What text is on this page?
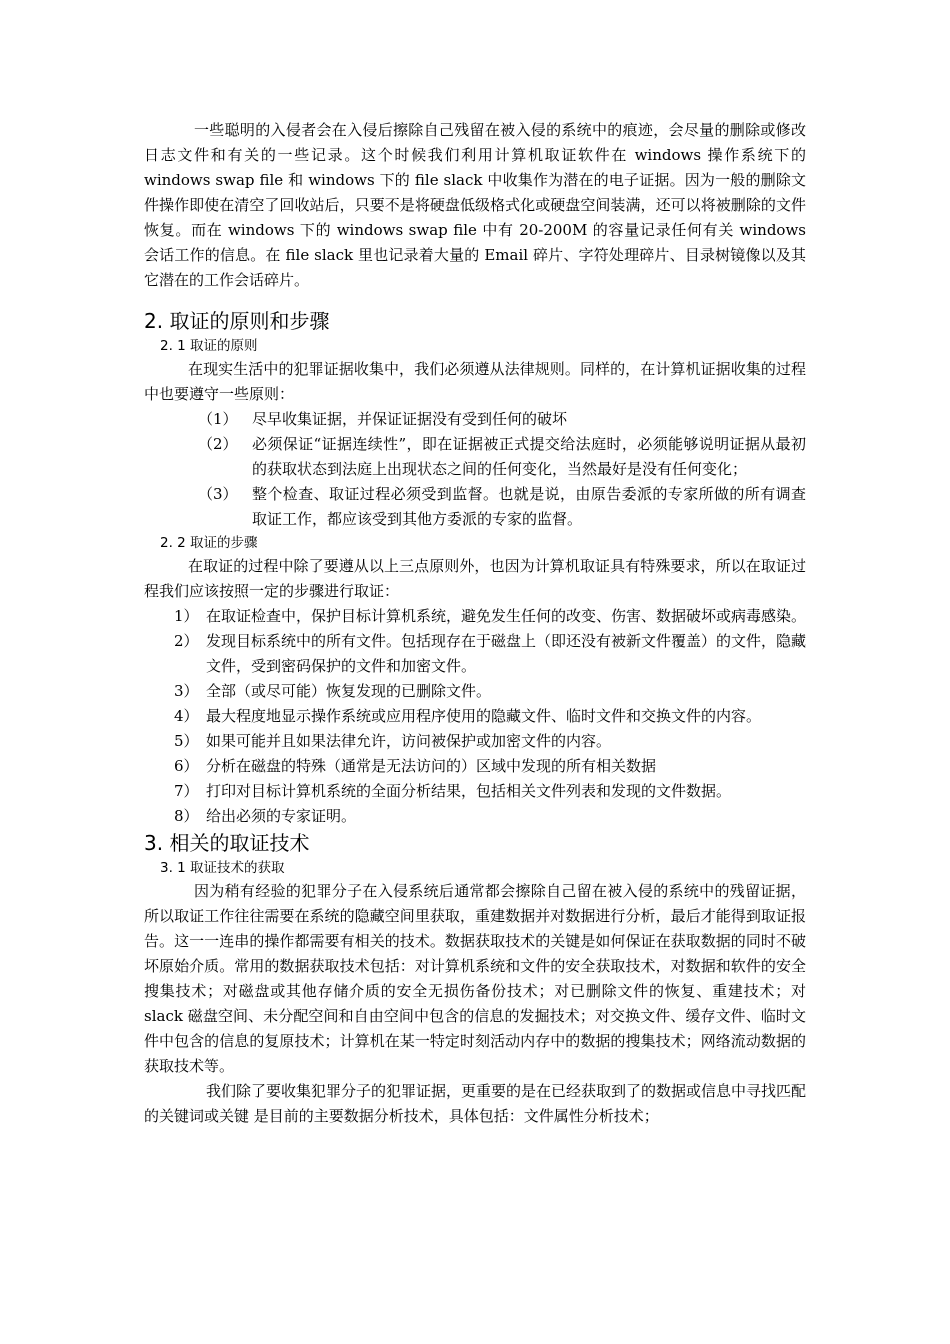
一些聪明的入侵者会在入侵后擦除自己残留在被入侵的系统中的痕迹，会尽量的删除或修改日志文件和有关的一些记录。这个时候我们利用计算机取证软件在 windows 操作系统下的 windows swap file 和 windows 下的 file slack 中收集作为潜在的电子证据。因为一般的删除文件操作即使在清空了回收站后，只要不是将硬盘低级格式化或硬盘空间装满，还可以将被删除的文件恢复。而在 windows 下的 windows swap file 中有 20-200M 的容量记录任何有关 windows 会话工作的信息。在 file slack 里也记录着大量的 Email 碎片、字符处理碎片、目录树镜像以及其它潜在的工作会话碎片。

2. 取证的原则和步骤
2. 1 取证的原则

在现实生活中的犯罪证据收集中，我们必须遵从法律规则。同样的，在计算机证据收集的过程中也要遵守一些原则：

（1） 尽早收集证据，并保证证据没有受到任何的破坏
（2） 必须保证“证据连续性”，即在证据被正式提交给法庭时，必须能够说明证据从最初的获取状态到法庭上出现状态之间的任何变化，当然最好是没有任何变化；
（3） 整个检查、取证过程必须受到监督。也就是说，由原告委派的专家所做的所有调查取证工作，都应该受到其他方委派的专家的监督。
2. 2 取证的步骤

在取证的过程中除了要遵从以上三点原则外，也因为计算机取证具有特殊要求，所以在取证过程我们应该按照一定的步骤进行取证：

1） 在取证检查中，保护目标计算机系统，避免发生任何的改变、伤害、数据破坏或病毒感染。
2） 发现目标系统中的所有文件。包括现存在于磁盘上（即还没有被新文件覆盖）的文件，隐藏文件，受到密码保护的文件和加密文件。
3） 全部（或尽可能）恢复发现的已删除文件。
4） 最大程度地显示操作系统或应用程序使用的隐藏文件、临时文件和交换文件的内容。
5） 如果可能并且如果法律允许，访问被保护或加密文件的内容。
6） 分析在磁盘的特殊（通常是无法访问的）区域中发现的所有相关数据
7） 打印对目标计算机系统的全面分析结果，包括相关文件列表和发现的文件数据。
8） 给出必须的专家证明。
3. 相关的取证技术
3. 1 取证技术的获取

因为稍有经验的犯罪分子在入侵系统后通常都会擦除自己留在被入侵的系统中的残留证据，所以取证工作往往需要在系统的隐藏空间里获取，重建数据并对数据进行分析，最后才能得到取证报告。这一一连串的操作都需要有相关的技术。数据获取技术的关键是如何保证在获取数据的同时不破坏原始介质。常用的数据获取技术包括：对计算机系统和文件的安全获取技术，对数据和软件的安全搜集技术；对磁盘或其他存储介质的安全无损伤备份技术；对已删除文件的恢复、重建技术；对 slack 磁盘空间、未分配空间和自由空间中包含的信息的发掘技术；对交换文件、缓存文件、临时文件中包含的信息的复原技术；计算机在某一特定时刻活动内存中的数据的搜集技术；网络流动数据的获取技术等。

我们除了要收集犯罪分子的犯罪证据，更重要的是在已经获取到了的数据或信息中寻找匹配的关键词或关键 是目前的主要数据分析技术，具体包括：文件属性分析技术；
